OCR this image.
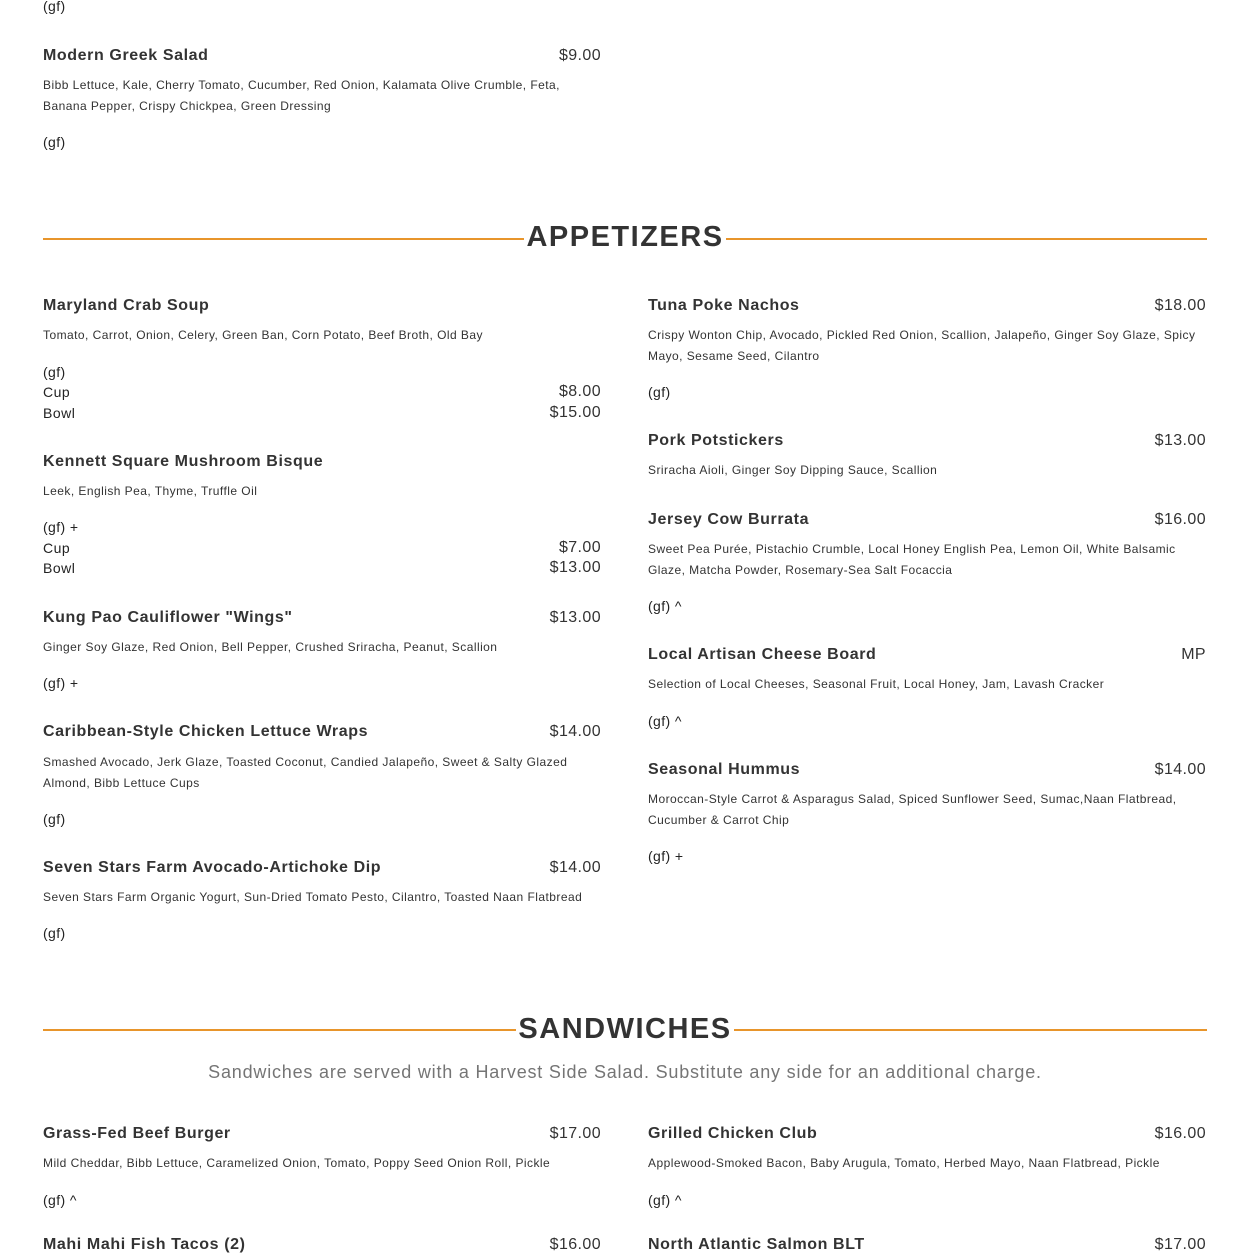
(gf)
Modern Greek Salad	$9.00
Bibb Lettuce, Kale, Cherry Tomato, Cucumber, Red Onion, Kalamata Olive Crumble, Feta, Banana Pepper, Crispy Chickpea, Green Dressing
(gf)
APPETIZERS
Maryland Crab Soup
Tomato, Carrot, Onion, Celery, Green Ban, Corn Potato, Beef Broth, Old Bay
(gf)
Cup	$8.00
Bowl	$15.00
Kennett Square Mushroom Bisque
Leek, English Pea, Thyme, Truffle Oil
(gf) +
Cup	$7.00
Bowl	$13.00
Kung Pao Cauliflower "Wings"	$13.00
Ginger Soy Glaze, Red Onion, Bell Pepper, Crushed Sriracha, Peanut, Scallion
(gf) +
Caribbean-Style Chicken Lettuce Wraps	$14.00
Smashed Avocado, Jerk Glaze, Toasted Coconut, Candied Jalapeño, Sweet & Salty Glazed Almond, Bibb Lettuce Cups
(gf)
Seven Stars Farm Avocado-Artichoke Dip	$14.00
Seven Stars Farm Organic Yogurt, Sun-Dried Tomato Pesto, Cilantro, Toasted Naan Flatbread
(gf)
Tuna Poke Nachos	$18.00
Crispy Wonton Chip, Avocado, Pickled Red Onion, Scallion, Jalapeño, Ginger Soy Glaze, Spicy Mayo, Sesame Seed, Cilantro
(gf)
Pork Potstickers	$13.00
Sriracha Aioli, Ginger Soy Dipping Sauce, Scallion
Jersey Cow Burrata	$16.00
Sweet Pea Purée, Pistachio Crumble, Local Honey English Pea, Lemon Oil, White Balsamic Glaze, Matcha Powder, Rosemary-Sea Salt Focaccia
(gf) ^
Local Artisan Cheese Board	MP
Selection of Local Cheeses, Seasonal Fruit, Local Honey, Jam, Lavash Cracker
(gf) ^
Seasonal Hummus	$14.00
Moroccan-Style Carrot & Asparagus Salad, Spiced Sunflower Seed, Sumac,Naan Flatbread, Cucumber & Carrot Chip
(gf) +
SANDWICHES
Sandwiches are served with a Harvest Side Salad. Substitute any side for an additional charge.
Grass-Fed Beef Burger	$17.00
Mild Cheddar, Bibb Lettuce, Caramelized Onion, Tomato, Poppy Seed Onion Roll, Pickle
(gf) ^
Mahi Mahi Fish Tacos (2)	$16.00
Grilled Chicken Club	$16.00
Applewood-Smoked Bacon, Baby Arugula, Tomato, Herbed Mayo, Naan Flatbread, Pickle
(gf) ^
North Atlantic Salmon BLT	$17.00
